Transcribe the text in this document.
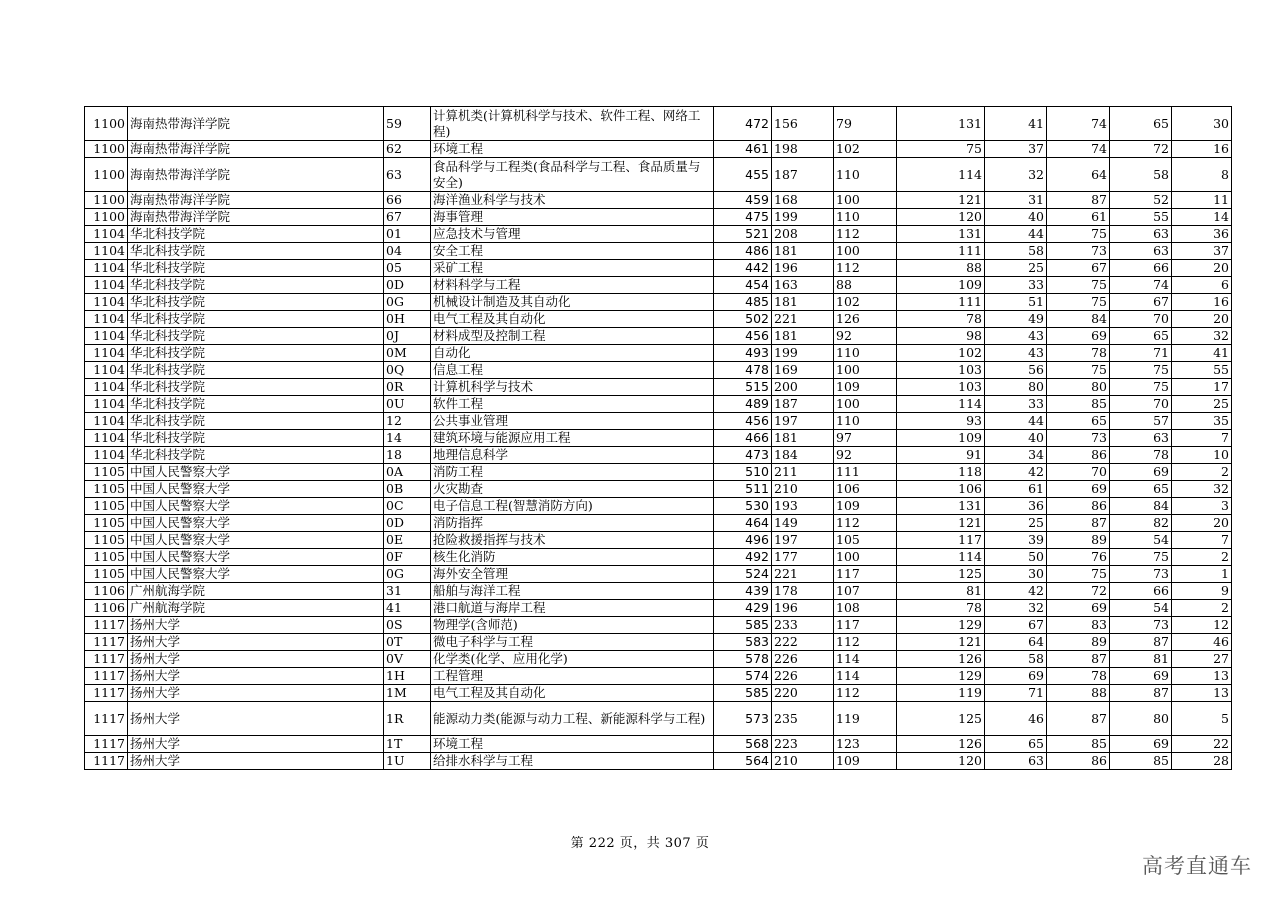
1100	海南热带海洋学院	59	计算机类(计算机科学与技术、软件工程、网络工程)	472	156	79	131	41	74	65	30
1100	海南热带海洋学院	62	环境工程	461	198	102	75	37	74	72	16
1100	海南热带海洋学院	63	食品科学与工程类(食品科学与工程、食品质量与安全)	455	187	110	114	32	64	58	8
1100	海南热带海洋学院	66	海洋渔业科学与技术	459	168	100	121	31	87	52	11
1100	海南热带海洋学院	67	海事管理	475	199	110	120	40	61	55	14
1104	华北科技学院	01	应急技术与管理	521	208	112	131	44	75	63	36
1104	华北科技学院	04	安全工程	486	181	100	111	58	73	63	37
1104	华北科技学院	05	采矿工程	442	196	112	88	25	67	66	20
1104	华北科技学院	0D	材料科学与工程	454	163	88	109	33	75	74	6
1104	华北科技学院	0G	机械设计制造及其自动化	485	181	102	111	51	75	67	16
1104	华北科技学院	0H	电气工程及其自动化	502	221	126	78	49	84	70	20
1104	华北科技学院	0J	材料成型及控制工程	456	181	92	98	43	69	65	32
1104	华北科技学院	0M	自动化	493	199	110	102	43	78	71	41
1104	华北科技学院	0Q	信息工程	478	169	100	103	56	75	75	55
1104	华北科技学院	0R	计算机科学与技术	515	200	109	103	80	80	75	17
1104	华北科技学院	0U	软件工程	489	187	100	114	33	85	70	25
1104	华北科技学院	12	公共事业管理	456	197	110	93	44	65	57	35
1104	华北科技学院	14	建筑环境与能源应用工程	466	181	97	109	40	73	63	7
1104	华北科技学院	18	地理信息科学	473	184	92	91	34	86	78	10
1105	中国人民警察大学	0A	消防工程	510	211	111	118	42	70	69	2
1105	中国人民警察大学	0B	火灾勘查	511	210	106	106	61	69	65	32
1105	中国人民警察大学	0C	电子信息工程(智慧消防方向)	530	193	109	131	36	86	84	3
1105	中国人民警察大学	0D	消防指挥	464	149	112	121	25	87	82	20
1105	中国人民警察大学	0E	抢险救援指挥与技术	496	197	105	117	39	89	54	7
1105	中国人民警察大学	0F	核生化消防	492	177	100	114	50	76	75	2
1105	中国人民警察大学	0G	海外安全管理	524	221	117	125	30	75	73	1
1106	广州航海学院	31	船舶与海洋工程	439	178	107	81	42	72	66	9
1106	广州航海学院	41	港口航道与海岸工程	429	196	108	78	32	69	54	2
1117	扬州大学	0S	物理学(含师范)	585	233	117	129	67	83	73	12
1117	扬州大学	0T	微电子科学与工程	583	222	112	121	64	89	87	46
1117	扬州大学	0V	化学类(化学、应用化学)	578	226	114	126	58	87	81	27
1117	扬州大学	1H	工程管理	574	226	114	129	69	78	69	13
1117	扬州大学	1M	电气工程及其自动化	585	220	112	119	71	88	87	13
1117	扬州大学	1R	能源动力类(能源与动力工程、新能源科学与工程)	573	235	119	125	46	87	80	5
1117	扬州大学	1T	环境工程	568	223	123	126	65	85	69	22
1117	扬州大学	1U	给排水科学与工程	564	210	109	120	63	86	85	28
第 222 页，共 307 页
高考直通车
